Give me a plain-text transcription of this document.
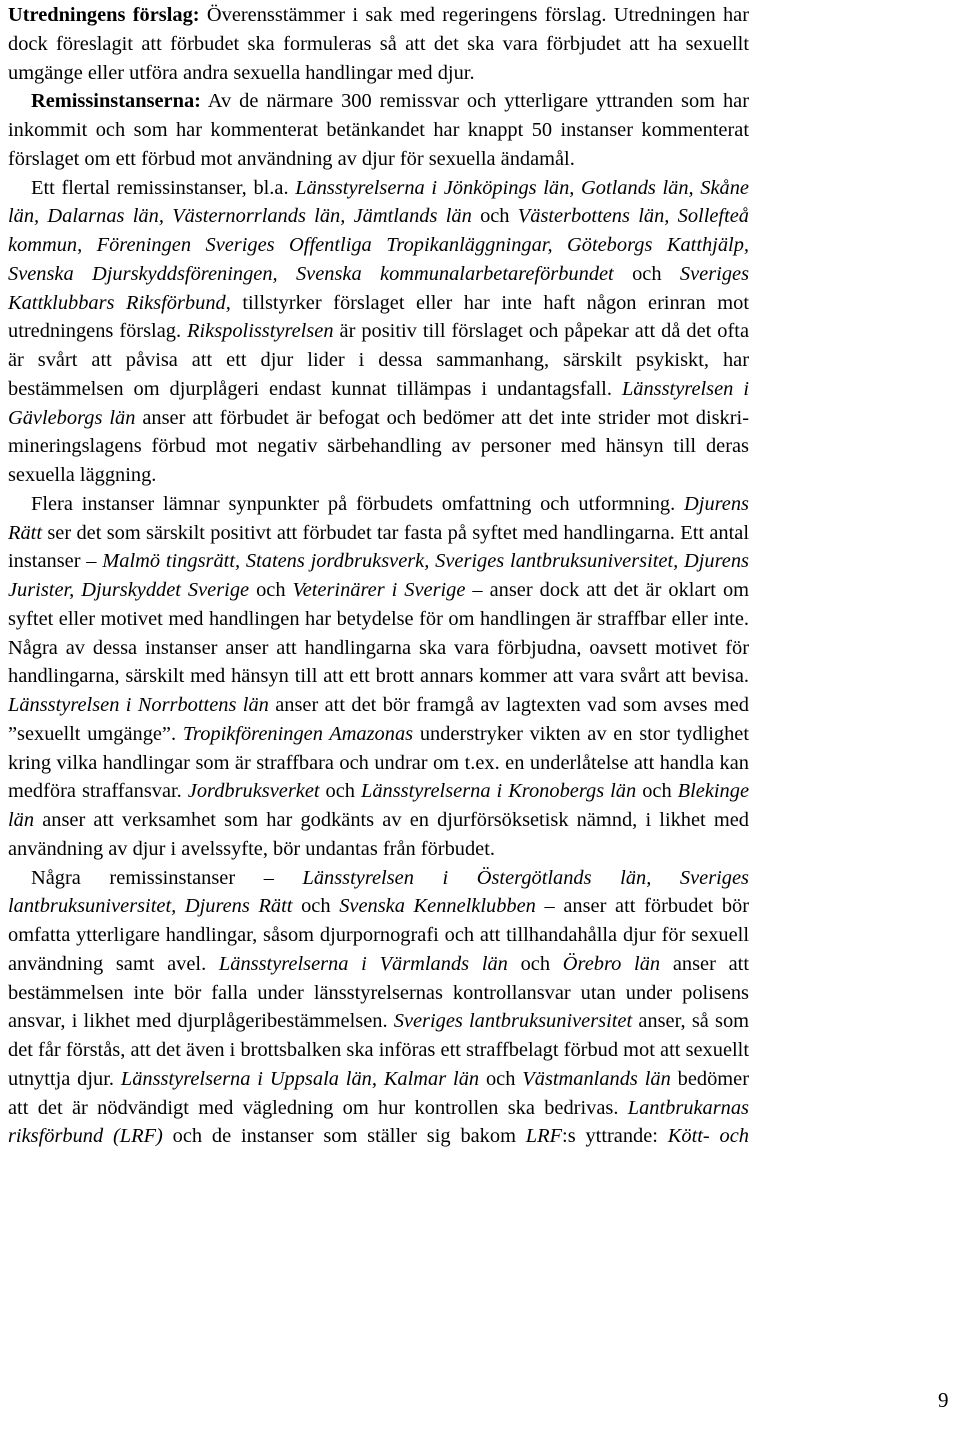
Utredningens förslag: Överensstämmer i sak med regeringens förslag. Utredningen har dock föreslagit att förbudet ska formuleras så att det ska vara förbjudet att ha sexuellt umgänge eller utföra andra sexuella handlingar med djur.

Remissinstanserna: Av de närmare 300 remissvar och ytterligare yttranden som har inkommit och som har kommenterat betänkandet har knappt 50 instanser kommenterat förslaget om ett förbud mot användning av djur för sexuella ändamål.

Ett flertal remissinstanser, bl.a. Länsstyrelserna i Jönköpings län, Gotlands län, Skåne län, Dalarnas län, Västernorrlands län, Jämtlands län och Västerbottens län, Sollefteå kommun, Föreningen Sveriges Offentliga Tropikanläggningar, Göteborgs Katthjälp, Svenska Djurskyddsföreningen, Svenska kommunalarbetareförbundet och Sveriges Kattklubbars Riksförbund, tillstyrker förslaget eller har inte haft någon erinran mot utredningens förslag. Rikspolisstyrelsen är positiv till förslaget och påpekar att då det ofta är svårt att påvisa att ett djur lider i dessa sammanhang, särskilt psykiskt, har bestämmelsen om djurplågeri endast kunnat tillämpas i undantagsfall. Länsstyrelsen i Gävleborgs län anser att förbudet är befogat och bedömer att det inte strider mot diskrimineringslagens förbud mot negativ särbehandling av personer med hänsyn till deras sexuella läggning.

Flera instanser lämnar synpunkter på förbudets omfattning och utformning. Djurens Rätt ser det som särskilt positivt att förbudet tar fasta på syftet med handlingarna. Ett antal instanser – Malmö tingsrätt, Statens jordbruksverk, Sveriges lantbruksuniversitet, Djurens Jurister, Djurskyddet Sverige och Veterinärer i Sverige – anser dock att det är oklart om syftet eller motivet med handlingen har betydelse för om handlingen är straffbar eller inte. Några av dessa instanser anser att handlingarna ska vara förbjudna, oavsett motivet för handlingarna, särskilt med hänsyn till att ett brott annars kommer att vara svårt att bevisa. Länsstyrelsen i Norrbottens län anser att det bör framgå av lagtexten vad som avses med ”sexuellt umgänge”. Tropikföreningen Amazonas understryker vikten av en stor tydlighet kring vilka handlingar som är straffbara och undrar om t.ex. en underlåtelse att handla kan medföra straffansvar. Jordbruksverket och Länsstyrelserna i Kronobergs län och Blekinge län anser att verksamhet som har godkänts av en djurförsöksetisk nämnd, i likhet med användning av djur i avelssyfte, bör undantas från förbudet.

Några remissinstanser – Länsstyrelsen i Östergötlands län, Sveriges lantbruksuniversitet, Djurens Rätt och Svenska Kennelklubben – anser att förbudet bör omfatta ytterligare handlingar, såsom djurpornografi och att tillhandahålla djur för sexuell användning samt avel. Länsstyrelserna i Värmlands län och Örebro län anser att bestämmelsen inte bör falla under länsstyrelsernas kontrollansvar utan under polisens ansvar, i likhet med djurplågeribestämmelsen. Sveriges lantbruksuniversitet anser, så som det får förstås, att det även i brottsbalken ska införas ett straffbelagt förbud mot att sexuellt utnyttja djur. Länsstyrelserna i Uppsala län, Kalmar län och Västmanlands län bedömer att det är nödvändigt med vägledning om hur kontrollen ska bedrivas. Lantbrukarnas riksförbund (LRF) och de instanser som ställer sig bakom LRF:s yttrande: Kött- och

9
